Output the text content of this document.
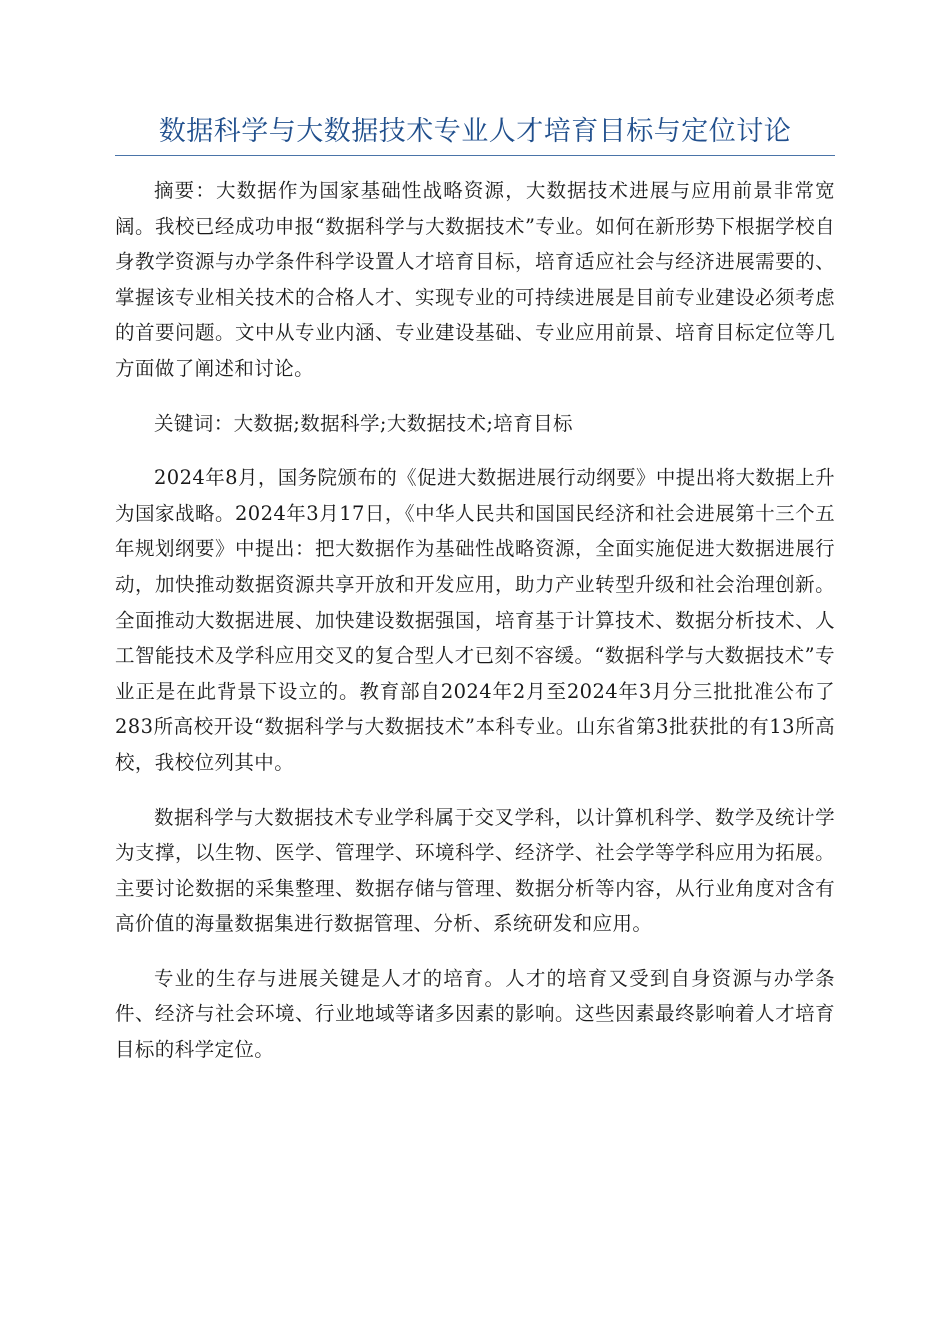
数据科学与大数据技术专业人才培育目标与定位讨论

摘要：大数据作为国家基础性战略资源，大数据技术进展与应用前景非常宽阔。我校已经成功申报“数据科学与大数据技术”专业。如何在新形势下根据学校自身教学资源与办学条件科学设置人才培育目标，培育适应社会与经济进展需要的、掌握该专业相关技术的合格人才、实现专业的可持续进展是目前专业建设必须考虑的首要问题。文中从专业内涵、专业建设基础、专业应用前景、培育目标定位等几方面做了阐述和讨论。

关键词：大数据;数据科学;大数据技术;培育目标

2024年8月，国务院颁布的《促进大数据进展行动纲要》中提出将大数据上升为国家战略。2024年3月17日，《中华人民共和国国民经济和社会进展第十三个五年规划纲要》中提出：把大数据作为基础性战略资源，全面实施促进大数据进展行动，加快推动数据资源共享开放和开发应用，助力产业转型升级和社会治理创新。全面推动大数据进展、加快建设数据强国，培育基于计算技术、数据分析技术、人工智能技术及学科应用交叉的复合型人才已刻不容缓。“数据科学与大数据技术”专业正是在此背景下设立的。教育部自2024年2月至2024年3月分三批批准公布了283所高校开设“数据科学与大数据技术”本科专业。山东省第3批获批的有13所高校，我校位列其中。

数据科学与大数据技术专业学科属于交叉学科，以计算机科学、数学及统计学为支撑，以生物、医学、管理学、环境科学、经济学、社会学等学科应用为拓展。主要讨论数据的采集整理、数据存储与管理、数据分析等内容，从行业角度对含有高价值的海量数据集进行数据管理、分析、系统研发和应用。

专业的生存与进展关键是人才的培育。人才的培育又受到自身资源与办学条件、经济与社会环境、行业地域等诸多因素的影响。这些因素最终影响着人才培育目标的科学定位。
